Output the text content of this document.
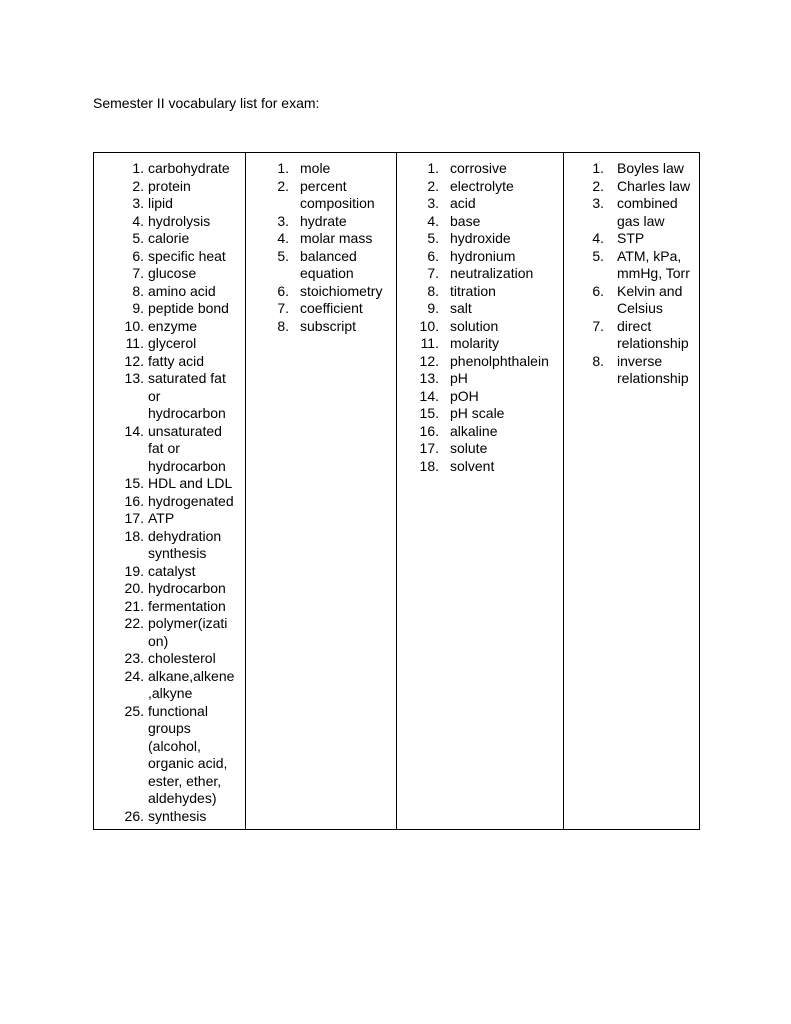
Semester II vocabulary list for exam:
1. carbohydrate
2. protein
3. lipid
4. hydrolysis
5. calorie
6. specific heat
7. glucose
8. amino acid
9. peptide bond
10. enzyme
11. glycerol
12. fatty acid
13. saturated fat or hydrocarbon
14. unsaturated fat or hydrocarbon
15. HDL and LDL
16. hydrogenated
17. ATP
18. dehydration synthesis
19. catalyst
20. hydrocarbon
21. fermentation
22. polymer(izati on)
23. cholesterol
24. alkane,alkene ,alkyne
25. functional groups (alcohol, organic acid, ester, ether, aldehydes)
26. synthesis

1. mole
2. percent composition
3. hydrate
4. molar mass
5. balanced equation
6. stoichiometry
7. coefficient
8. subscript

1. corrosive
2. electrolyte
3. acid
4. base
5. hydroxide
6. hydronium
7. neutralization
8. titration
9. salt
10. solution
11. molarity
12. phenolphthalein
13. pH
14. pOH
15. pH scale
16. alkaline
17. solute
18. solvent

1. Boyles law
2. Charles law
3. combined gas law
4. STP
5. ATM, kPa, mmHg, Torr
6. Kelvin and Celsius
7. direct relationship
8. inverse relationship
